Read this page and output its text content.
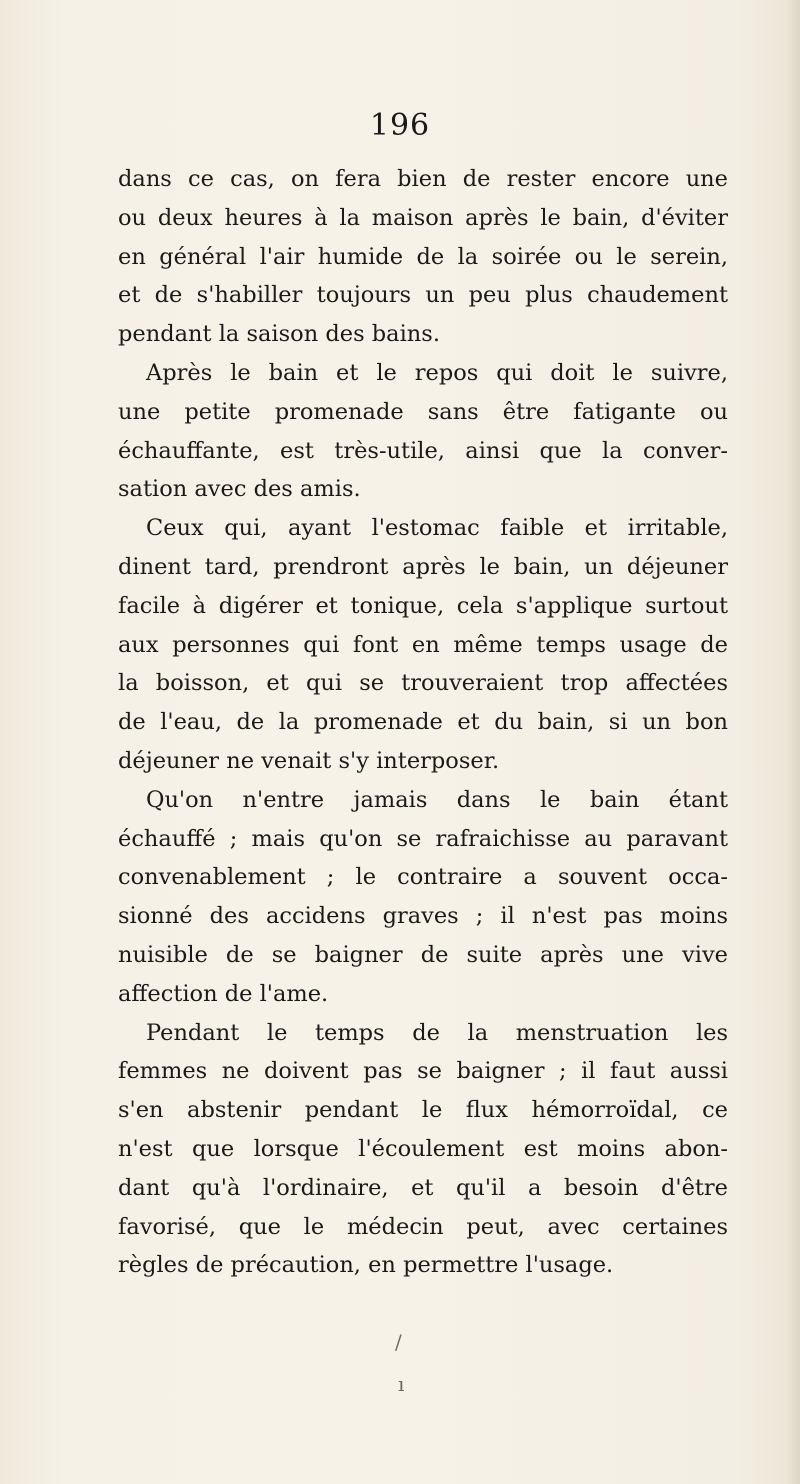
196
dans ce cas, on fera bien de rester encore une
ou deux heures à la maison après le bain, d'éviter
en général l'air humide de la soirée ou le serein,
et de s'habiller toujours un peu plus chaudement
pendant la saison des bains.
Après le bain et le repos qui doit le suivre,
une petite promenade sans être fatigante ou
échauffante, est très-utile, ainsi que la conver-
sation avec des amis.
Ceux qui, ayant l'estomac faible et irritable,
dinent tard, prendront après le bain, un déjeuner
facile à digérer et tonique, cela s'applique surtout
aux personnes qui font en même temps usage de
la boisson, et qui se trouveraient trop affectées
de l'eau, de la promenade et du bain, si un bon
déjeuner ne venait s'y interposer.
Qu'on n'entre jamais dans le bain étant
échauffé ; mais qu'on se rafraichisse au paravant
convenablement ; le contraire a souvent occa-
sionné des accidens graves ; il n'est pas moins
nuisible de se baigner de suite après une vive
affection de l'ame.
Pendant le temps de la menstruation les
femmes ne doivent pas se baigner ; il faut aussi
s'en abstenir pendant le flux hémorroïdal, ce
n'est que lorsque l'écoulement est moins abon-
dant qu'à l'ordinaire, et qu'il a besoin d'être
favorisé, que le médecin peut, avec certaines
règles de précaution, en permettre l'usage.
/
ı
